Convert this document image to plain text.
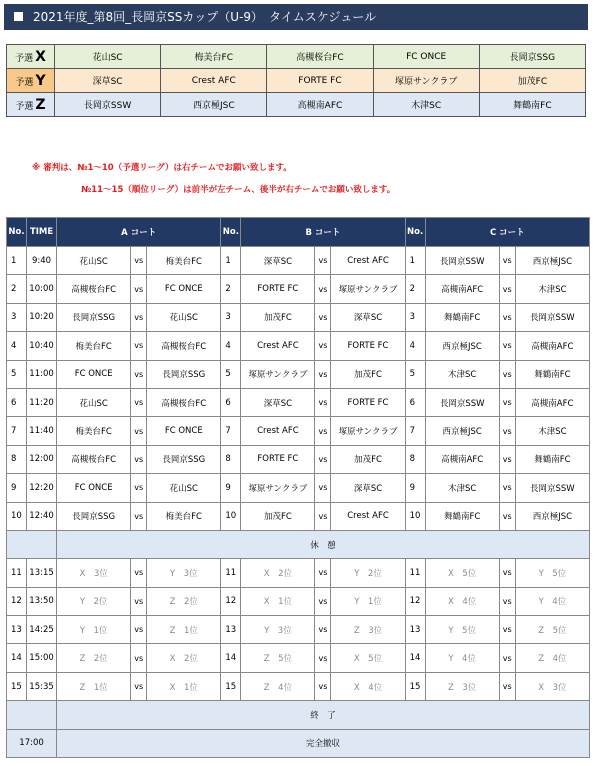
2021年度_第8回_長岡京SSカップ（U-9）　タイムスケジュール
予選 X	花山SC	梅美台FC	高槻桜台FC	FC ONCE	長岡京SSG
予選 Y	深草SC	Crest AFC	FORTE FC	塚原サンクラブ	加茂FC
予選 Z	長岡京SSW	西京極JSC	高槻南AFC	木津SC	舞鶴南FC
※ 審判は、№1～10（予選リーグ）は右チームでお願い致します。
№11～15（順位リーグ）は前半が左チーム、後半が右チームでお願い致します。
No.	TIME	A コート			No.	B コート			No.	C コート		
1	9:40	花山SC	vs	梅美台FC	1	深草SC	vs	Crest AFC	1	長岡京SSW	vs	西京極JSC
2	10:00	高槻桜台FC	vs	FC ONCE	2	FORTE FC	vs	塚原サンクラブ	2	高槻南AFC	vs	木津SC
3	10:20	長岡京SSG	vs	花山SC	3	加茂FC	vs	深草SC	3	舞鶴南FC	vs	長岡京SSW
4	10:40	梅美台FC	vs	高槻桜台FC	4	Crest AFC	vs	FORTE FC	4	西京極JSC	vs	高槻南AFC
5	11:00	FC ONCE	vs	長岡京SSG	5	塚原サンクラブ	vs	加茂FC	5	木津SC	vs	舞鶴南FC
6	11:20	花山SC	vs	高槻桜台FC	6	深草SC	vs	FORTE FC	6	長岡京SSW	vs	高槻南AFC
7	11:40	梅美台FC	vs	FC ONCE	7	Crest AFC	vs	塚原サンクラブ	7	西京極JSC	vs	木津SC
8	12:00	高槻桜台FC	vs	長岡京SSG	8	FORTE FC	vs	加茂FC	8	高槻南AFC	vs	舞鶴南FC
9	12:20	FC ONCE	vs	花山SC	9	塚原サンクラブ	vs	深草SC	9	木津SC	vs	長岡京SSW
10	12:40	長岡京SSG	vs	梅美台FC	10	加茂FC	vs	Crest AFC	10	舞鶴南FC	vs	西京極JSC
		休　憩										
11	13:15	X　3位	vs	Y　3位	11	X　2位	vs	Y　2位	11	X　5位	vs	Y　5位
12	13:50	Y　2位	vs	Z　2位	12	X　1位	vs	Y　1位	12	X　4位	vs	Y　4位
13	14:25	Y　1位	vs	Z　1位	13	Y　3位	vs	Z　3位	13	Y　5位	vs	Z　5位
14	15:00	Z　2位	vs	X　2位	14	Z　5位	vs	X　5位	14	Y　4位	vs	Z　4位
15	15:35	Z　1位	vs	X　1位	15	Z　4位	vs	X　4位	15	Z　3位	vs	X　3位
		終　了										
17:00		完全撤収										
